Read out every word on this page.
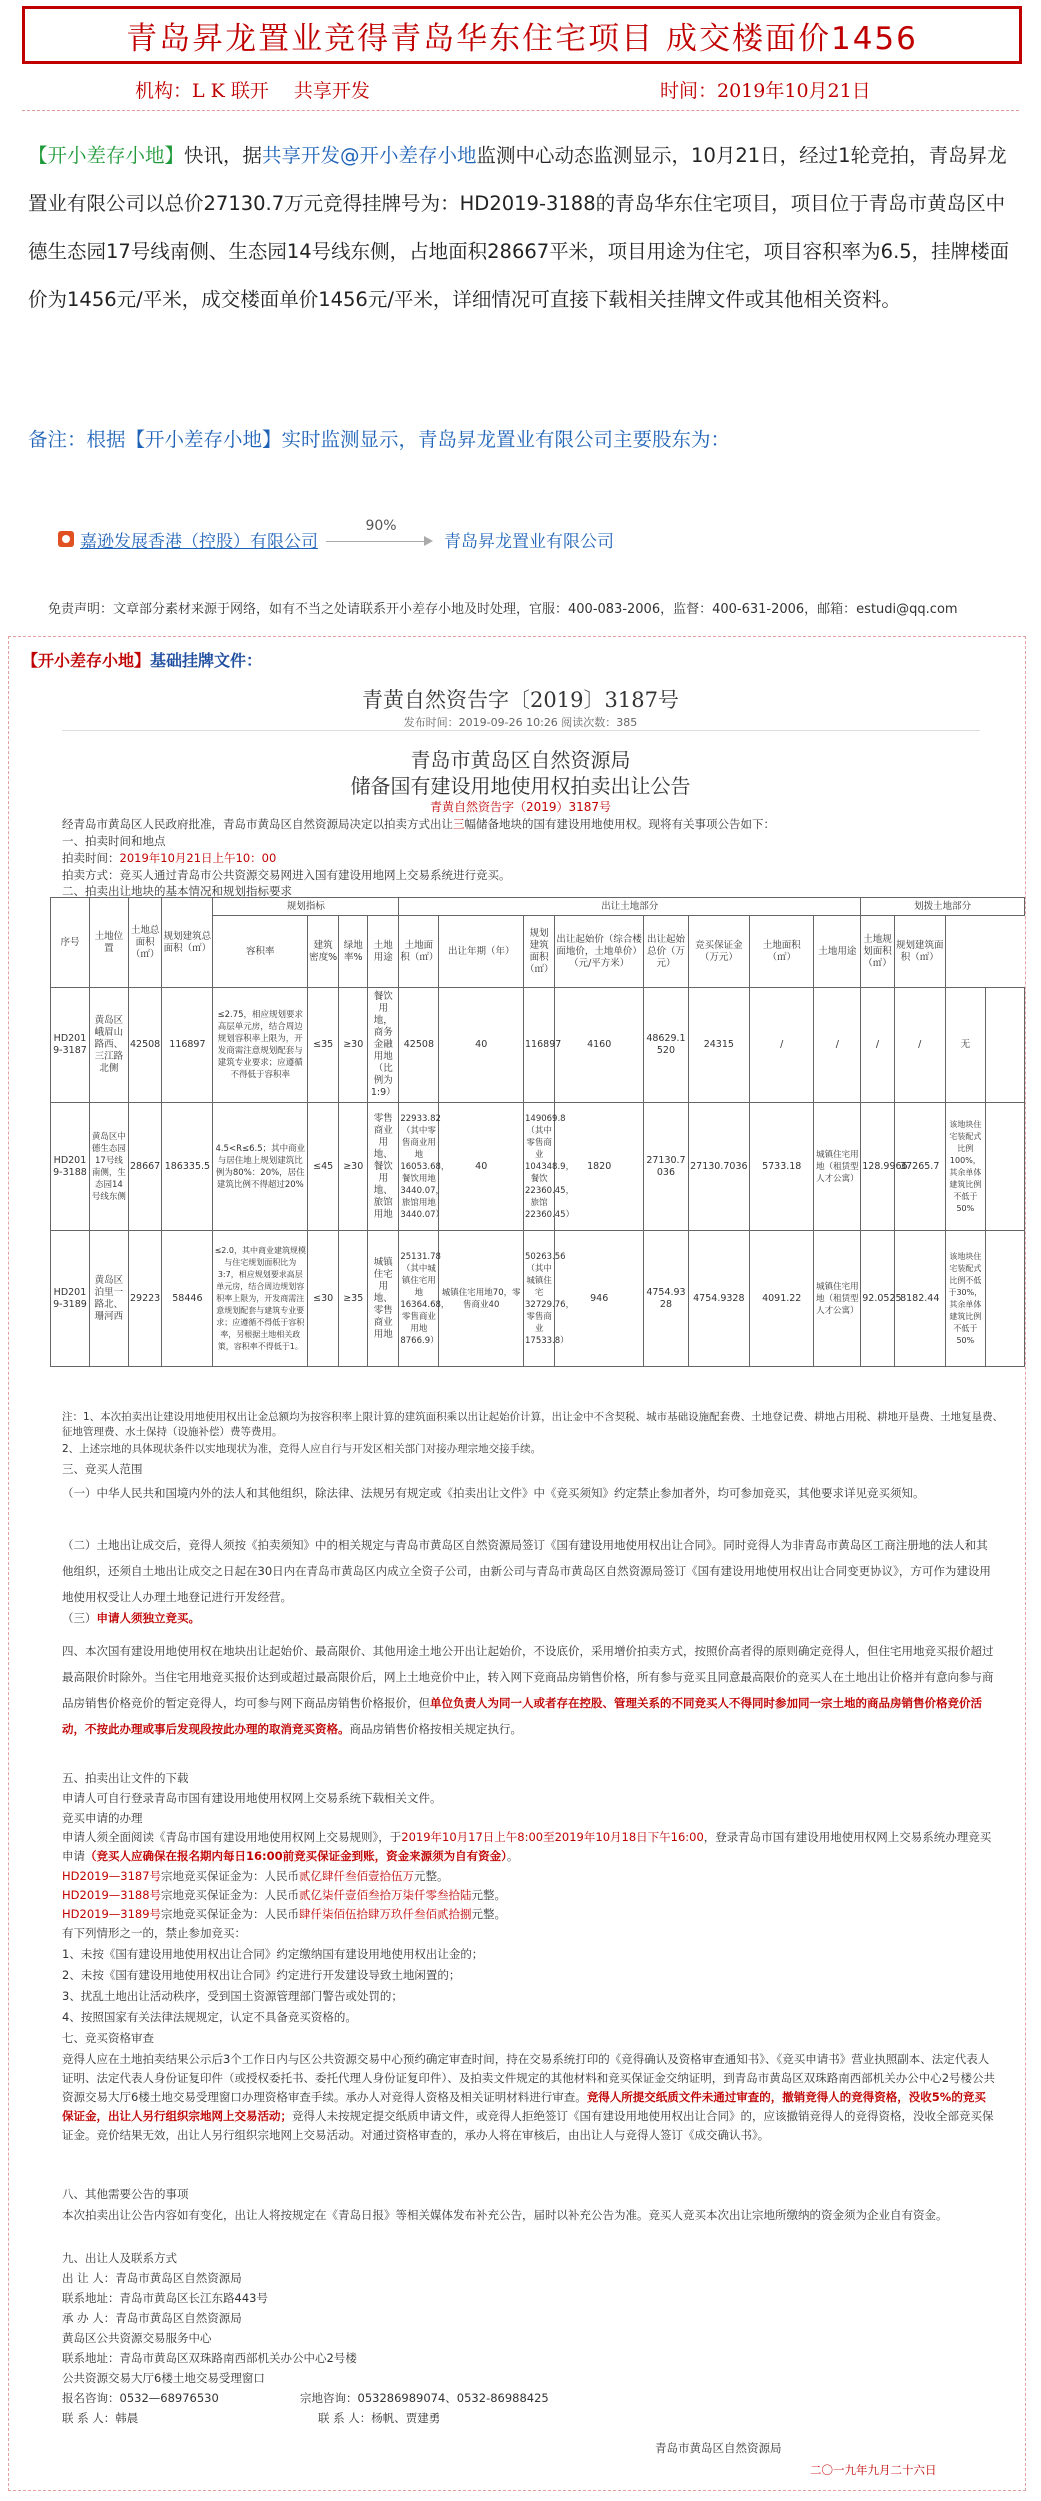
青岛昇龙置业竞得青岛华东住宅项目 成交楼面价1456
机构：L K 联开 　共享开发	时间：2019年10月21日
【开小差存小地】快讯，据共享开发@开小差存小地监测中心动态监测显示，10月21日，经过1轮竞拍，青岛昇龙置业有限公司以总价27130.7万元竞得挂牌号为：HD2019-3188的青岛华东住宅项目，项目位于青岛市黄岛区中德生态园17号线南侧、生态园14号线东侧，占地面积28667平米，项目用途为住宅，项目容积率为6.5，挂牌楼面价为1456元/平米，成交楼面单价1456元/平米，详细情况可直接下载相关挂牌文件或其他相关资料。
备注：根据【开小差存小地】实时监测显示，青岛昇龙置业有限公司主要股东为：
嘉逊发展香港（控股）有限公司
90%
青岛昇龙置业有限公司
免责声明：文章部分素材来源于网络，如有不当之处请联系开小差存小地及时处理，官服：400-083-2006，监督：400-631-2006，邮箱：estudi@qq.com
【开小差存小地】基础挂牌文件：
青黄自然资告字〔2019〕3187号
发布时间：2019-09-26 10:26 阅读次数：385
青岛市黄岛区自然资源局
储备国有建设用地使用权拍卖出让公告
青黄自然资告字（2019）3187号
经青岛市黄岛区人民政府批准，青岛市黄岛区自然资源局决定以拍卖方式出让三幅储备地块的国有建设用地使用权。现将有关事项公告如下：
一、拍卖时间和地点
拍卖时间：2019年10月21日上午10：00
拍卖方式：竞买人通过青岛市公共资源交易网进入国有建设用地网上交易系统进行竞买。
二、拍卖出让地块的基本情况和规划指标要求
序号	土地位置	土地总面积（㎡）	规划建筑总面积（㎡）	规划指标				出让土地部分								划拨土地部分			
				容积率	建筑密度%	绿地率%	土地用途	土地面积（㎡）	出让年期（年）	规划建筑面积（㎡）	出让起始价（综合楼面地价，土地单价）（元/平方米）	出让起始总价（万元）	竞买保证金（万元）	土地面积（㎡）	土地用途	土地规划面积（㎡）	规划建筑面积（㎡）		
HD2019-3187	黄岛区峨眉山路西、三江路北侧	42508	116897	≤2.75，相应规划要求高层单元房，结合周边规划容积率上限为，开发商需注意规划配套与建筑专业要求；应遵循不得低于容积率	≤35	≥30	餐饮用地，商务金融用地（比例为1:9）	42508	40	116897	4160	48629.1520	24315	/	/	/	/	无	
HD2019-3188	黄岛区中德生态园17号线南侧，生态园14号线东侧	28667	186335.5	4.5<R≤6.5；其中商业与居住地上规划建筑比例为80%：20%，居住建筑比例不得超过20%	≤45	≥30	零售商业用地、餐饮用地、旅馆用地	22933.82（其中零售商业用地16053.68，餐饮用地3440.07，旅馆用地3440.07）	40	149069.8（其中零售商业104348.9，餐饮22360.45，旅馆22360.45）	1820	27130.7036	27130.7036	5733.18	城镇住宅用地（租赁型人才公寓）	128.9966	37265.7	该地块住宅装配式比例100%，其余单体建筑比例不低于50%	
HD2019-3189	黄岛区泊里一路北、珊河西	29223	58446	≤2.0，其中商业建筑规模与住宅规划面积比为3:7，相应规划要求高层单元房，结合周边规划容积率上限为，开发商需注意规划配套与建筑专业要求；应遵循不得低于容积率，另根据土地相关政策，容积率不得低于1。	≤30	≥35	城镇住宅用地、零售商业用地	25131.78（其中城镇住宅用地16364.68，零售商业用地8766.9）	城镇住宅用地70，零售商业40	50263.56（其中城镇住宅32729.76，零售商业17533.8）	946	4754.9328	4754.9328	4091.22	城镇住宅用地（租赁型人才公寓）	92.0525	8182.44	该地块住宅装配式比例不低于30%，其余单体建筑比例不低于50%	
注：1、本次拍卖出让建设用地使用权出让金总额均为按容积率上限计算的建筑面积乘以出让起始价计算，出让金中不含契税、城市基础设施配套费、土地登记费、耕地占用税、耕地开垦费、土地复垦费、征地管理费、水土保持（设施补偿）费等费用。
2、上述宗地的具体现状条件以实地现状为准，竞得人应自行与开发区相关部门对接办理宗地交接手续。
三、竞买人范围
（一）中华人民共和国境内外的法人和其他组织，除法律、法规另有规定或《拍卖出让文件》中《竞买须知》约定禁止参加者外，均可参加竞买，其他要求详见竞买须知。
（二）土地出让成交后，竞得人须按《拍卖须知》中的相关规定与青岛市黄岛区自然资源局签订《国有建设用地使用权出让合同》。同时竞得人为非青岛市黄岛区工商注册地的法人和其他组织，还须自土地出让成交之日起在30日内在青岛市黄岛区内成立全资子公司，由新公司与青岛市黄岛区自然资源局签订《国有建设用地使用权出让合同变更协议》，方可作为建设用地使用权受让人办理土地登记进行开发经营。
（三）申请人须独立竞买。
四、本次国有建设用地使用权在地块出让起始价、最高限价、其他用途土地公开出让起始价，不设底价，采用增价拍卖方式，按照价高者得的原则确定竞得人，但住宅用地竞买报价超过最高限价时除外。当住宅用地竞买报价达到或超过最高限价后，网上土地竞价中止，转入网下竞商品房销售价格，所有参与竞买且同意最高限价的竞买人在土地出让价格并有意向参与商品房销售价格竞价的暂定竞得人，均可参与网下商品房销售价格报价，但单位负责人为同一人或者存在控股、管理关系的不同竞买人不得同时参加同一宗土地的商品房销售价格竞价活动，不按此办理或事后发现段按此办理的取消竞买资格。商品房销售价格按相关规定执行。
五、拍卖出让文件的下载
申请人可自行登录青岛市国有建设用地使用权网上交易系统下载相关文件。
竞买申请的办理
申请人须全面阅读《青岛市国有建设用地使用权网上交易规则》，于2019年10月17日上午8:00至2019年10月18日下午16:00，登录青岛市国有建设用地使用权网上交易系统办理竞买申请（竞买人应确保在报名期内每日16:00前竞买保证金到账，资金来源须为自有资金）。
HD2019—3187号宗地竞买保证金为：人民币贰亿肆仟叁佰壹拾伍万元整。
HD2019—3188号宗地竞买保证金为：人民币贰亿柒仟壹佰叁拾万柒仟零叁拾陆元整。
HD2019—3189号宗地竞买保证金为：人民币肆仟柒佰伍拾肆万玖仟叁佰贰拾捌元整。
有下列情形之一的，禁止参加竞买：
1、未按《国有建设用地使用权出让合同》约定缴纳国有建设用地使用权出让金的；
2、未按《国有建设用地使用权出让合同》约定进行开发建设导致土地闲置的；
3、扰乱土地出让活动秩序，受到国土资源管理部门警告或处罚的；
4、按照国家有关法律法规规定，认定不具备竞买资格的。
七、竞买资格审查
竞得人应在土地拍卖结果公示后3个工作日内与区公共资源交易中心预约确定审查时间，持在交易系统打印的《竞得确认及资格审查通知书》、《竞买申请书》营业执照副本、法定代表人证明、法定代表人身份证复印件（或授权委托书、委托代理人身份证复印件）、及拍卖文件规定的其他材料和竞买保证金交纳证明，到青岛市黄岛区双珠路南西部机关办公中心2号楼公共资源交易大厅6楼土地交易受理窗口办理资格审查手续。承办人对竞得人资格及相关证明材料进行审查。竞得人所提交纸质文件未通过审查的，撤销竞得人的竞得资格，没收5%的竞买保证金，出让人另行组织宗地网上交易活动；竞得人未按规定提交纸质申请文件，或竞得人拒绝签订《国有建设用地使用权出让合同》的，应该撤销竞得人的竞得资格，没收全部竞买保证金。竞价结果无效，出让人另行组织宗地网上交易活动。对通过资格审查的，承办人将在审核后，由出让人与竞得人签订《成交确认书》。
八、其他需要公告的事项
本次拍卖出让公告内容如有变化，出让人将按规定在《青岛日报》等相关媒体发布补充公告，届时以补充公告为准。竞买人竞买本次出让宗地所缴纳的资金须为企业自有资金。
九、出让人及联系方式
出 让 人：青岛市黄岛区自然资源局
联系地址：青岛市黄岛区长江东路443号
承 办 人：青岛市黄岛区自然资源局
黄岛区公共资源交易服务中心
联系地址：青岛市黄岛区双珠路南西部机关办公中心2号楼
公共资源交易大厅6楼土地交易受理窗口
报名咨询：0532—68976530	宗地咨询：053286989074、0532-86988425
联 系 人：韩晨	联 系 人：杨帆、贾建勇
青岛市黄岛区自然资源局
二〇一九年九月二十六日
